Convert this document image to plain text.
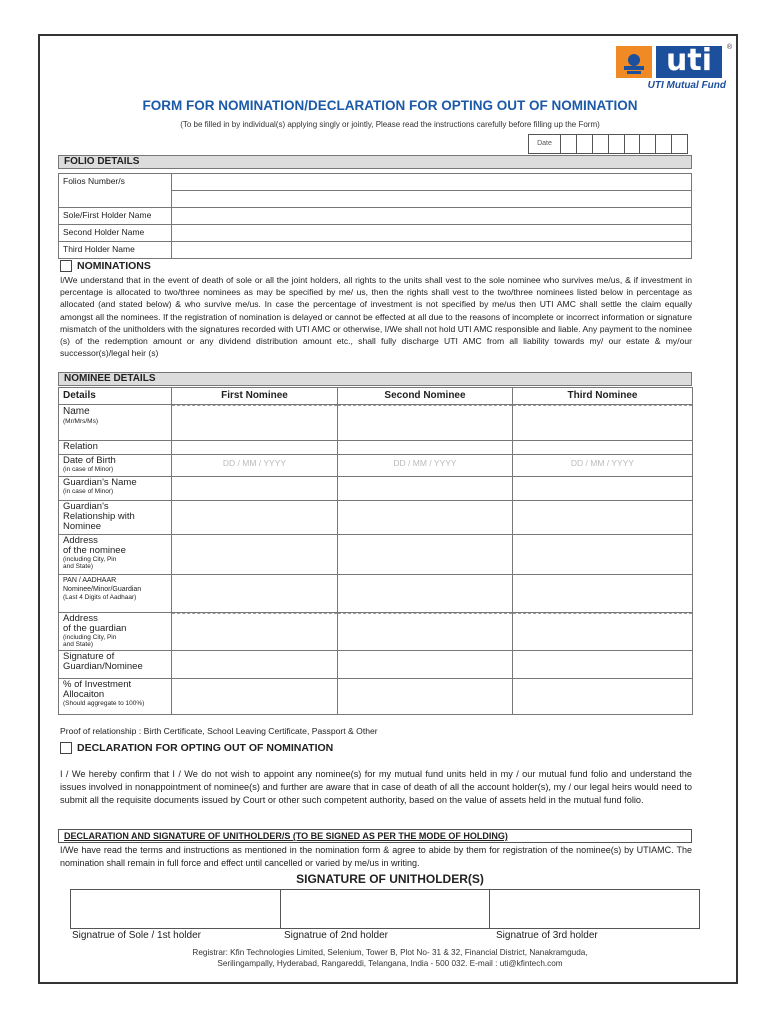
uti	®
UTI Mutual Fund
FORM FOR NOMINATION/DECLARATION FOR OPTING OUT OF NOMINATION
(To be filled in by individual(s) applying singly or jointly, Please read the instructions carefully before filling up the Form)
Date
FOLIO DETAILS
Folios Number/s	

Sole/First Holder Name	
Second Holder Name	
Third Holder Name	
NOMINATIONS
I/We understand that in the event of death of sole or all the joint holders, all rights to the units shall vest to the sole nominee who survives me/us, & if investment in percentage is allocated to two/three nominees as may be specified by me/ us, then the rights shall vest to the two/three nominees listed below in percentage as allocated (and stated below) & who survive me/us. In case the percentage of investment is not specified by me/us then UTI AMC shall settle the claim equally amongst all the nominees. If the registration of nomination is delayed or cannot be effected at all due to the reasons of incomplete or incorrect information or signature mismatch of the unitholders with the signatures recorded with UTI AMC or otherwise, I/We shall not hold UTI AMC responsible and liable. Any payment to the nominee (s) of the redemption amount or any dividend distribution amount etc., shall fully discharge UTI AMC from all liability towards my/ our estate & my/our successor(s)/legal heir (s)
NOMINEE DETAILS
Details	First Nominee	Second Nominee	Third Nominee
Name
(Mr/Mrs/Ms)			

Relation			
Date of Birth
(in case of Minor)	DD / MM / YYYY	DD / MM / YYYY	DD / MM / YYYY
Guardian's Name
(in case of Minor)			

Guardian's
Relationship with
Nominee			

Address
of the nominee
(including City, Pin
and State)			

PAN / AADHAAR
Nominee/Minor/Guardian
(Last 4 Digits of Aadhaar)			

Address
of the guardian
(including City, Pin
and State)			

Signature of
Guardian/Nominee			

% of Investment
Allocaiton
(Should aggregate to 100%)			

Proof of relationship : Birth Certificate, School Leaving Certificate, Passport & Other
DECLARATION FOR OPTING OUT OF NOMINATION
I / We hereby confirm that I / We do not wish to appoint any nominee(s) for my mutual fund units held in my / our mutual fund folio and understand the issues involved in nonappointment of nominee(s) and further are aware that in case of death of all the account holder(s), my / our legal heirs would need to submit all the requisite documents issued by Court or other such competent authority, based on the value of assets held in the mutual fund folio.
DECLARATION AND SIGNATURE OF UNITHOLDER/S (TO BE SIGNED AS PER THE MODE OF HOLDING)
I/We have read the terms and instructions as mentioned in the nomination form & agree to abide by them for registration of the nominee(s) by UTIAMC. The nomination shall remain in full force and effect until cancelled or varied by me/us in writing.
SIGNATURE OF UNITHOLDER(S)
Signatrue of Sole / 1st holder	Signatrue of 2nd holder	Signatrue of 3rd holder
Registrar: Kfin Technologies Limited, Selenium, Tower B, Plot No- 31 & 32, Financial District, Nanakramguda,
Serilingampally, Hyderabad, Rangareddi, Telangana, India - 500 032. E-mail : uti@kfintech.com
